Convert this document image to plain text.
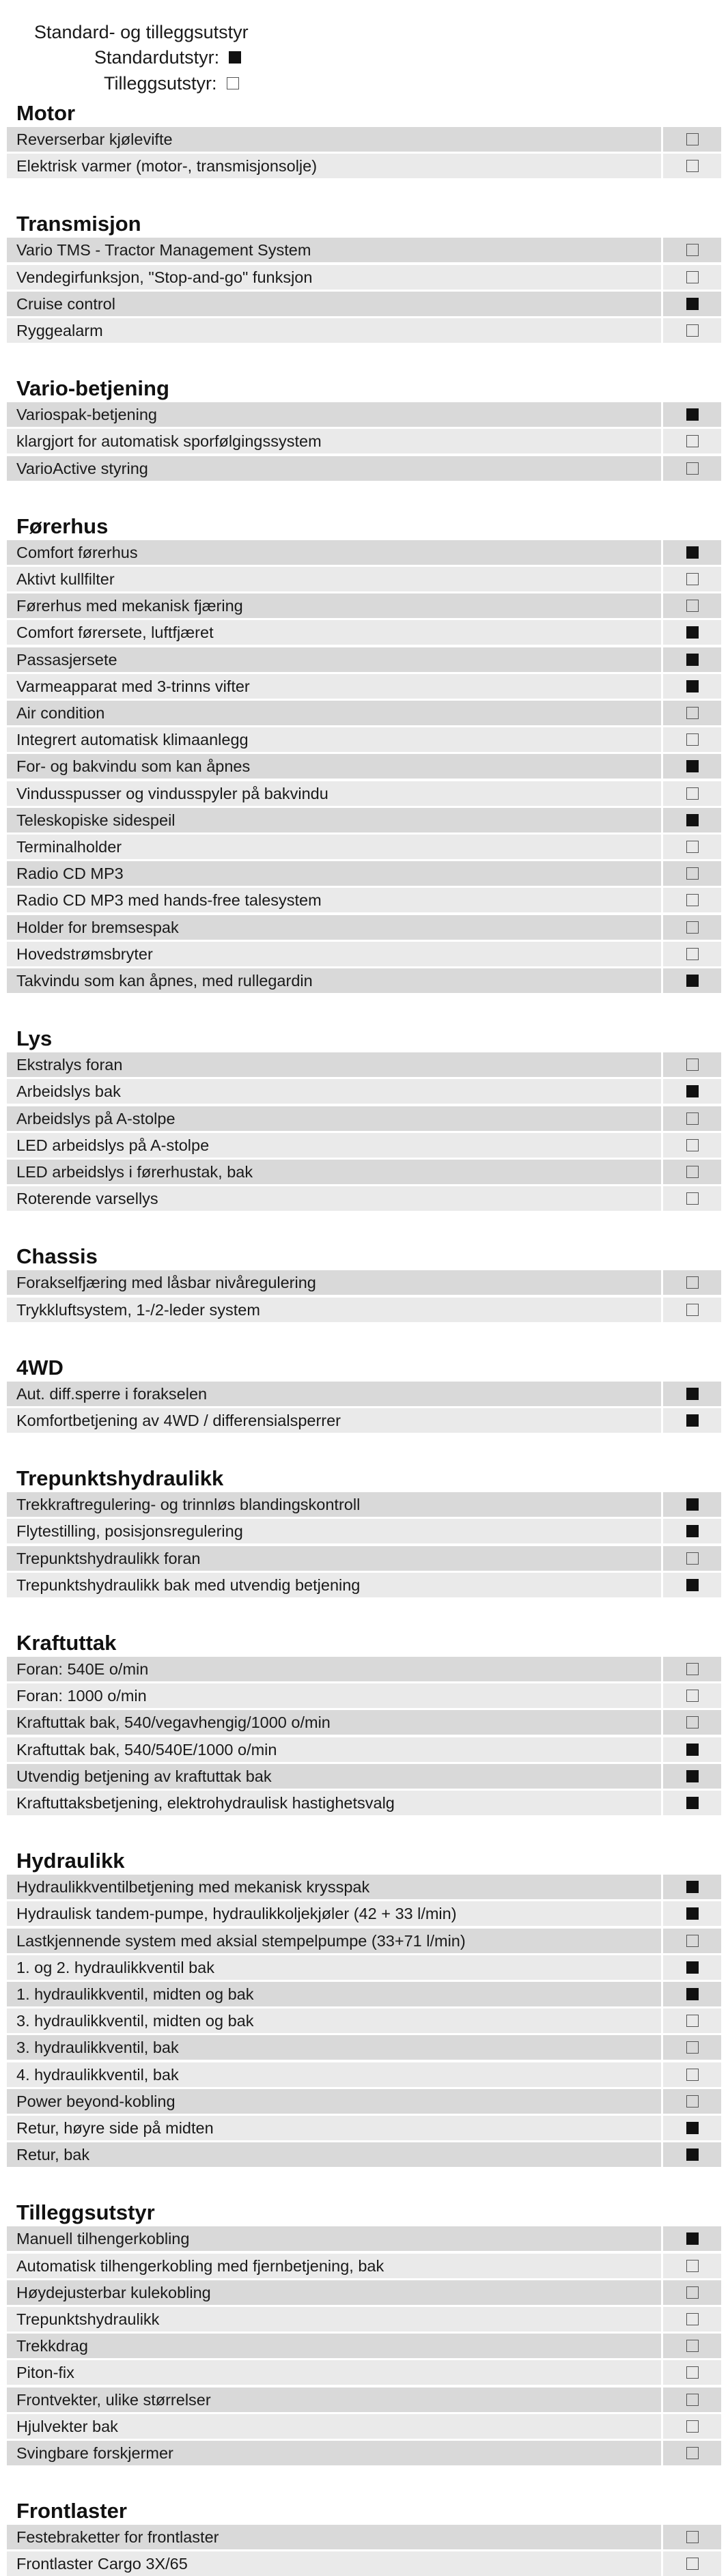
Standard- og tilleggsutstyr
Standardutstyr:
Tilleggsutstyr:
Motor
Reverserbar kjølevifte
Elektrisk varmer (motor-, transmisjonsolje)
Transmisjon
Vario TMS - Tractor Management System
Vendegirfunksjon, "Stop-and-go" funksjon
Cruise control
Ryggealarm
Vario-betjening
Variospak-betjening
klargjort for automatisk sporfølgingssystem
VarioActive styring
Førerhus
Comfort førerhus
Aktivt kullfilter
Førerhus med mekanisk fjæring
Comfort førersete, luftfjæret
Passasjersete
Varmeapparat med 3-trinns vifter
Air condition
Integrert automatisk klimaanlegg
For- og bakvindu som kan åpnes
Vindusspusser og vindusspyler på bakvindu
Teleskopiske sidespeil
Terminalholder
Radio CD MP3
Radio CD MP3 med hands-free talesystem
Holder for bremsespak
Hovedstrømsbryter
Takvindu som kan åpnes, med rullegardin
Lys
Ekstralys foran
Arbeidslys bak
Arbeidslys på A-stolpe
LED arbeidslys på A-stolpe
LED arbeidslys i førerhustak, bak
Roterende varsellys
Chassis
Forakselfjæring med låsbar nivåregulering
Trykkluftsystem, 1-/2-leder system
4WD
Aut. diff.sperre i forakselen
Komfortbetjening av 4WD / differensialsperrer
Trepunktshydraulikk
Trekkraftregulering- og trinnløs blandingskontroll
Flytestilling, posisjonsregulering
Trepunktshydraulikk foran
Trepunktshydraulikk bak med utvendig betjening
Kraftuttak
Foran: 540E o/min
Foran: 1000 o/min
Kraftuttak bak, 540/vegavhengig/1000 o/min
Kraftuttak bak, 540/540E/1000 o/min
Utvendig betjening av kraftuttak bak
Kraftuttaksbetjening, elektrohydraulisk hastighetsvalg
Hydraulikk
Hydraulikkventilbetjening med mekanisk krysspak
Hydraulisk tandem-pumpe, hydraulikkoljekjøler (42 + 33 l/min)
Lastkjennende system med aksial stempelpumpe (33+71 l/min)
1. og 2. hydraulikkventil bak
1. hydraulikkventil, midten og bak
3. hydraulikkventil, midten og bak
3. hydraulikkventil, bak
4. hydraulikkventil, bak
Power beyond-kobling
Retur, høyre side på midten
Retur, bak
Tilleggsutstyr
Manuell tilhengerkobling
Automatisk tilhengerkobling med fjernbetjening, bak
Høydejusterbar kulekobling
Trepunktshydraulikk
Trekkdrag
Piton-fix
Frontvekter, ulike størrelser
Hjulvekter bak
Svingbare forskjermer
Frontlaster
Festebraketter for frontlaster
Frontlaster Cargo 3X/65
